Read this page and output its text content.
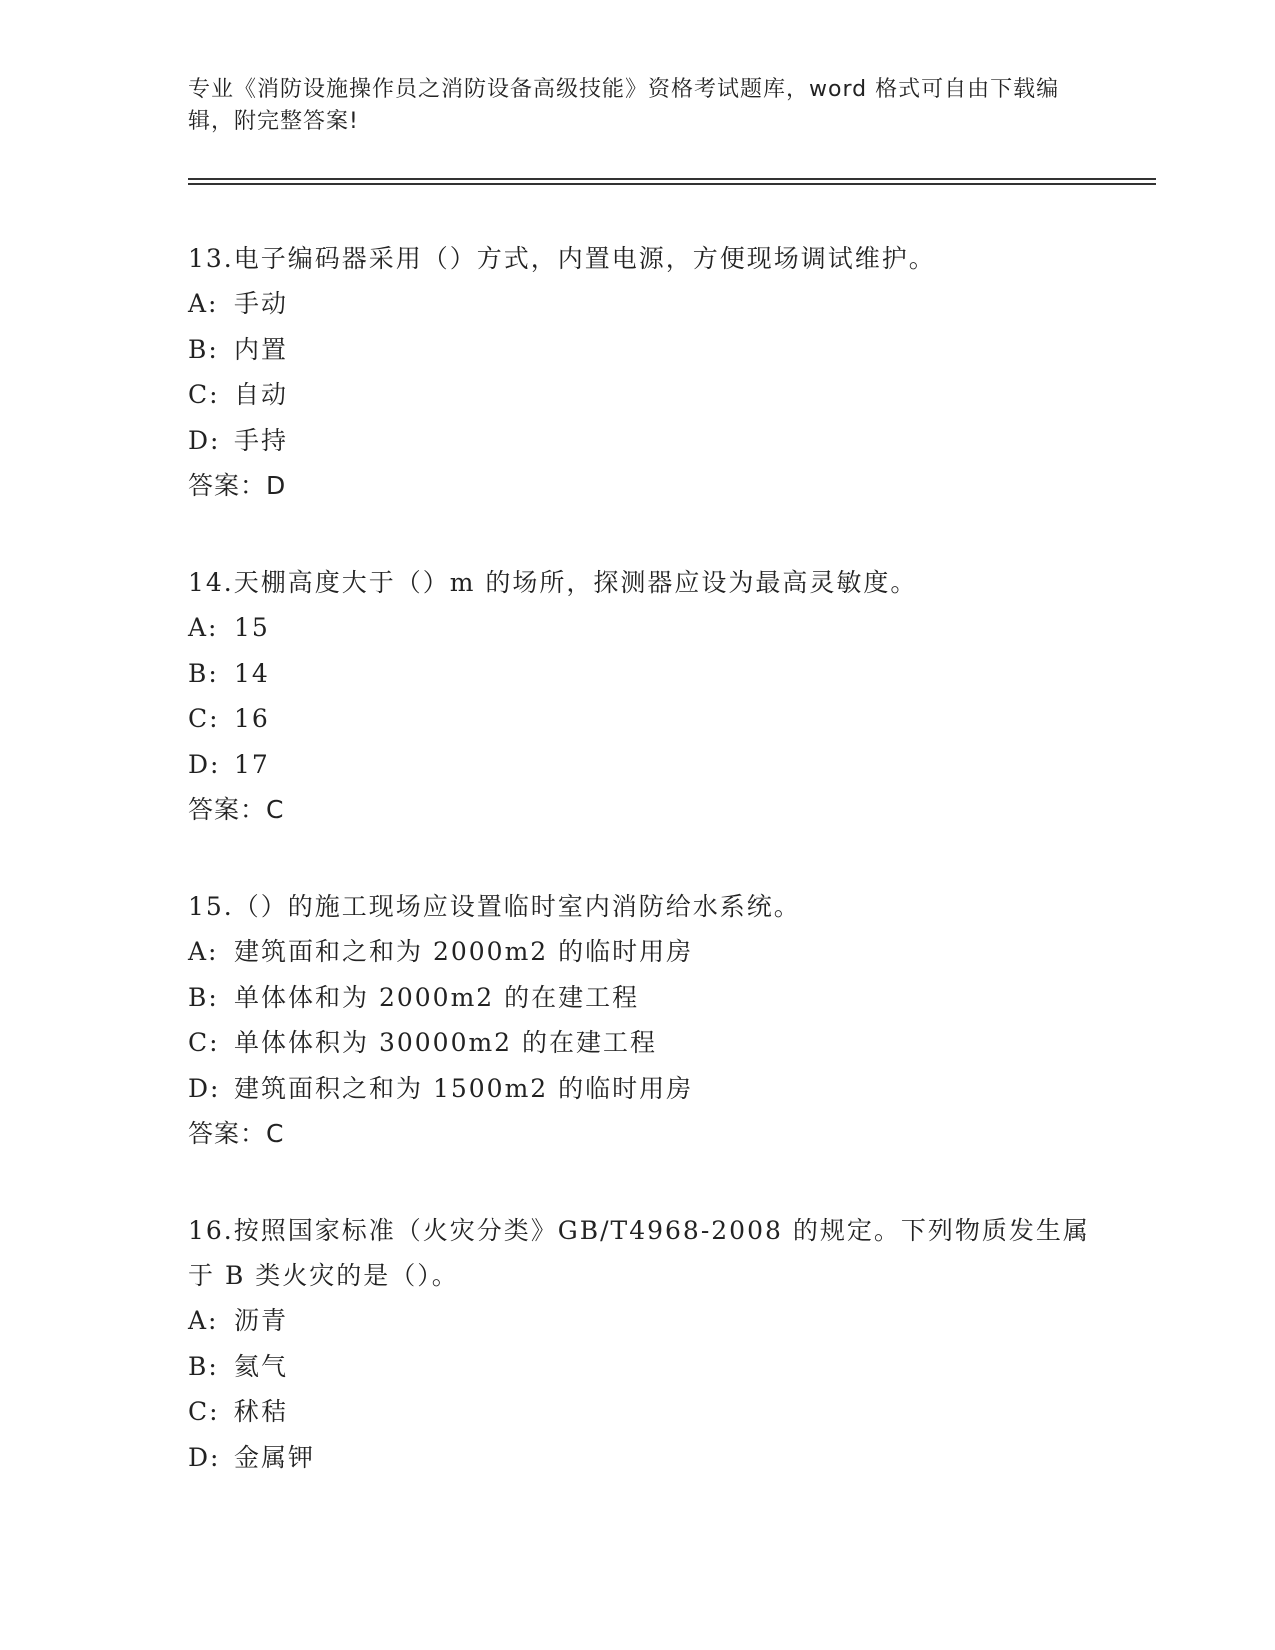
专业《消防设施操作员之消防设备高级技能》资格考试题库，word 格式可自由下载编辑，附完整答案!

13.电子编码器采用（）方式，内置电源，方便现场调试维护。

A: 手动

B: 内置

C: 自动

D: 手持

答案：D

14.天棚高度大于（）m 的场所，探测器应设为最高灵敏度。

A: 15

B: 14

C: 16

D: 17

答案：C

15.（）的施工现场应设置临时室内消防给水系统。

A: 建筑面和之和为 2000m2 的临时用房

B: 单体体和为 2000m2 的在建工程

C: 单体体积为 30000m2 的在建工程

D: 建筑面积之和为 1500m2 的临时用房

答案：C

16.按照国家标准（火灾分类》GB/T4968-2008 的规定。下列物质发生属于 B 类火灾的是（）。

A: 沥青

B: 氦气

C: 秫秸

D: 金属钾
